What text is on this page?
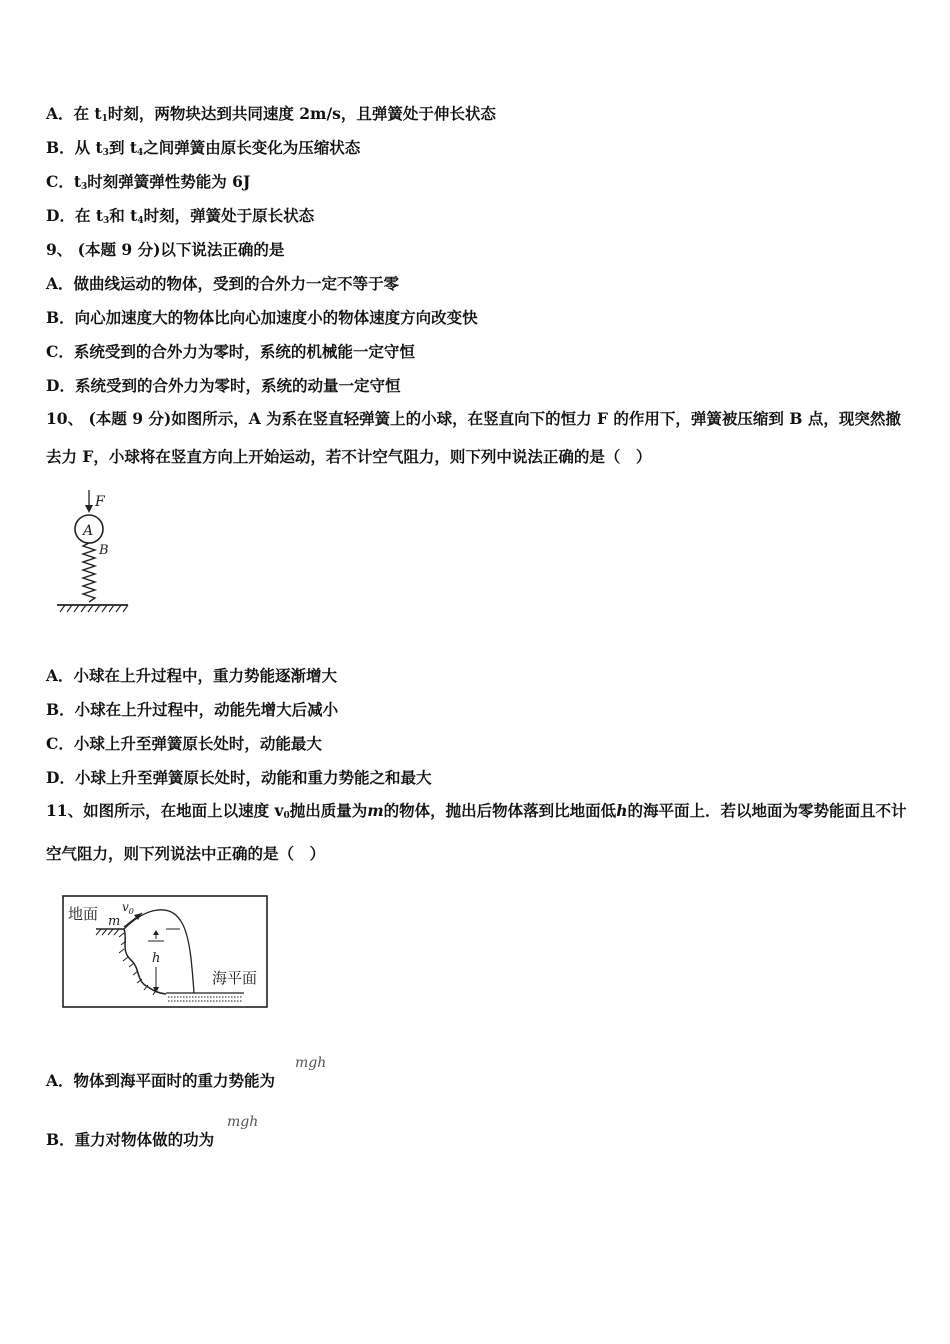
A．在 $t_1$时刻，两物块达到共同速度 2m/s，且弹簧处于伸长状态
B．从 $t_3$到 $t_4$之间弹簧由原长变化为压缩状态
C．$t_3$时刻弹簧弹性势能为 6J
D．在 $t_3$和 $t_4$时刻，弹簧处于原长状态
9、 (本题 9 分)以下说法正确的是
A．做曲线运动的物体，受到的合外力一定不等于零
B．向心加速度大的物体比向心加速度小的物体速度方向改变快
C．系统受到的合外力为零时，系统的机械能一定守恒
D．系统受到的合外力为零时，系统的动量一定守恒
10、 (本题 9 分)如图所示，A 为系在竖直轻弹簧上的小球，在竖直向下的恒力 F 的作用下，弹簧被压缩到 B 点，现突然撤去力 F，小球将在竖直方向上开始运动，若不计空气阻力，则下列中说法正确的是（　）
F
A
B
A．小球在上升过程中，重力势能逐渐增大
B．小球在上升过程中，动能先增大后减小
C．小球上升至弹簧原长处时，动能最大
D．小球上升至弹簧原长处时，动能和重力势能之和最大
11、如图所示，在地面上以速度 $v_0$抛出质量为m的物体，抛出后物体落到比地面低h的海平面上．若以地面为零势能面且不计空气阻力，则下列说法中正确的是（　）
地面 m
$v_0$
h
海平面
A．物体到海平面时的重力势能为
mgh
B．重力对物体做的功为
mgh
